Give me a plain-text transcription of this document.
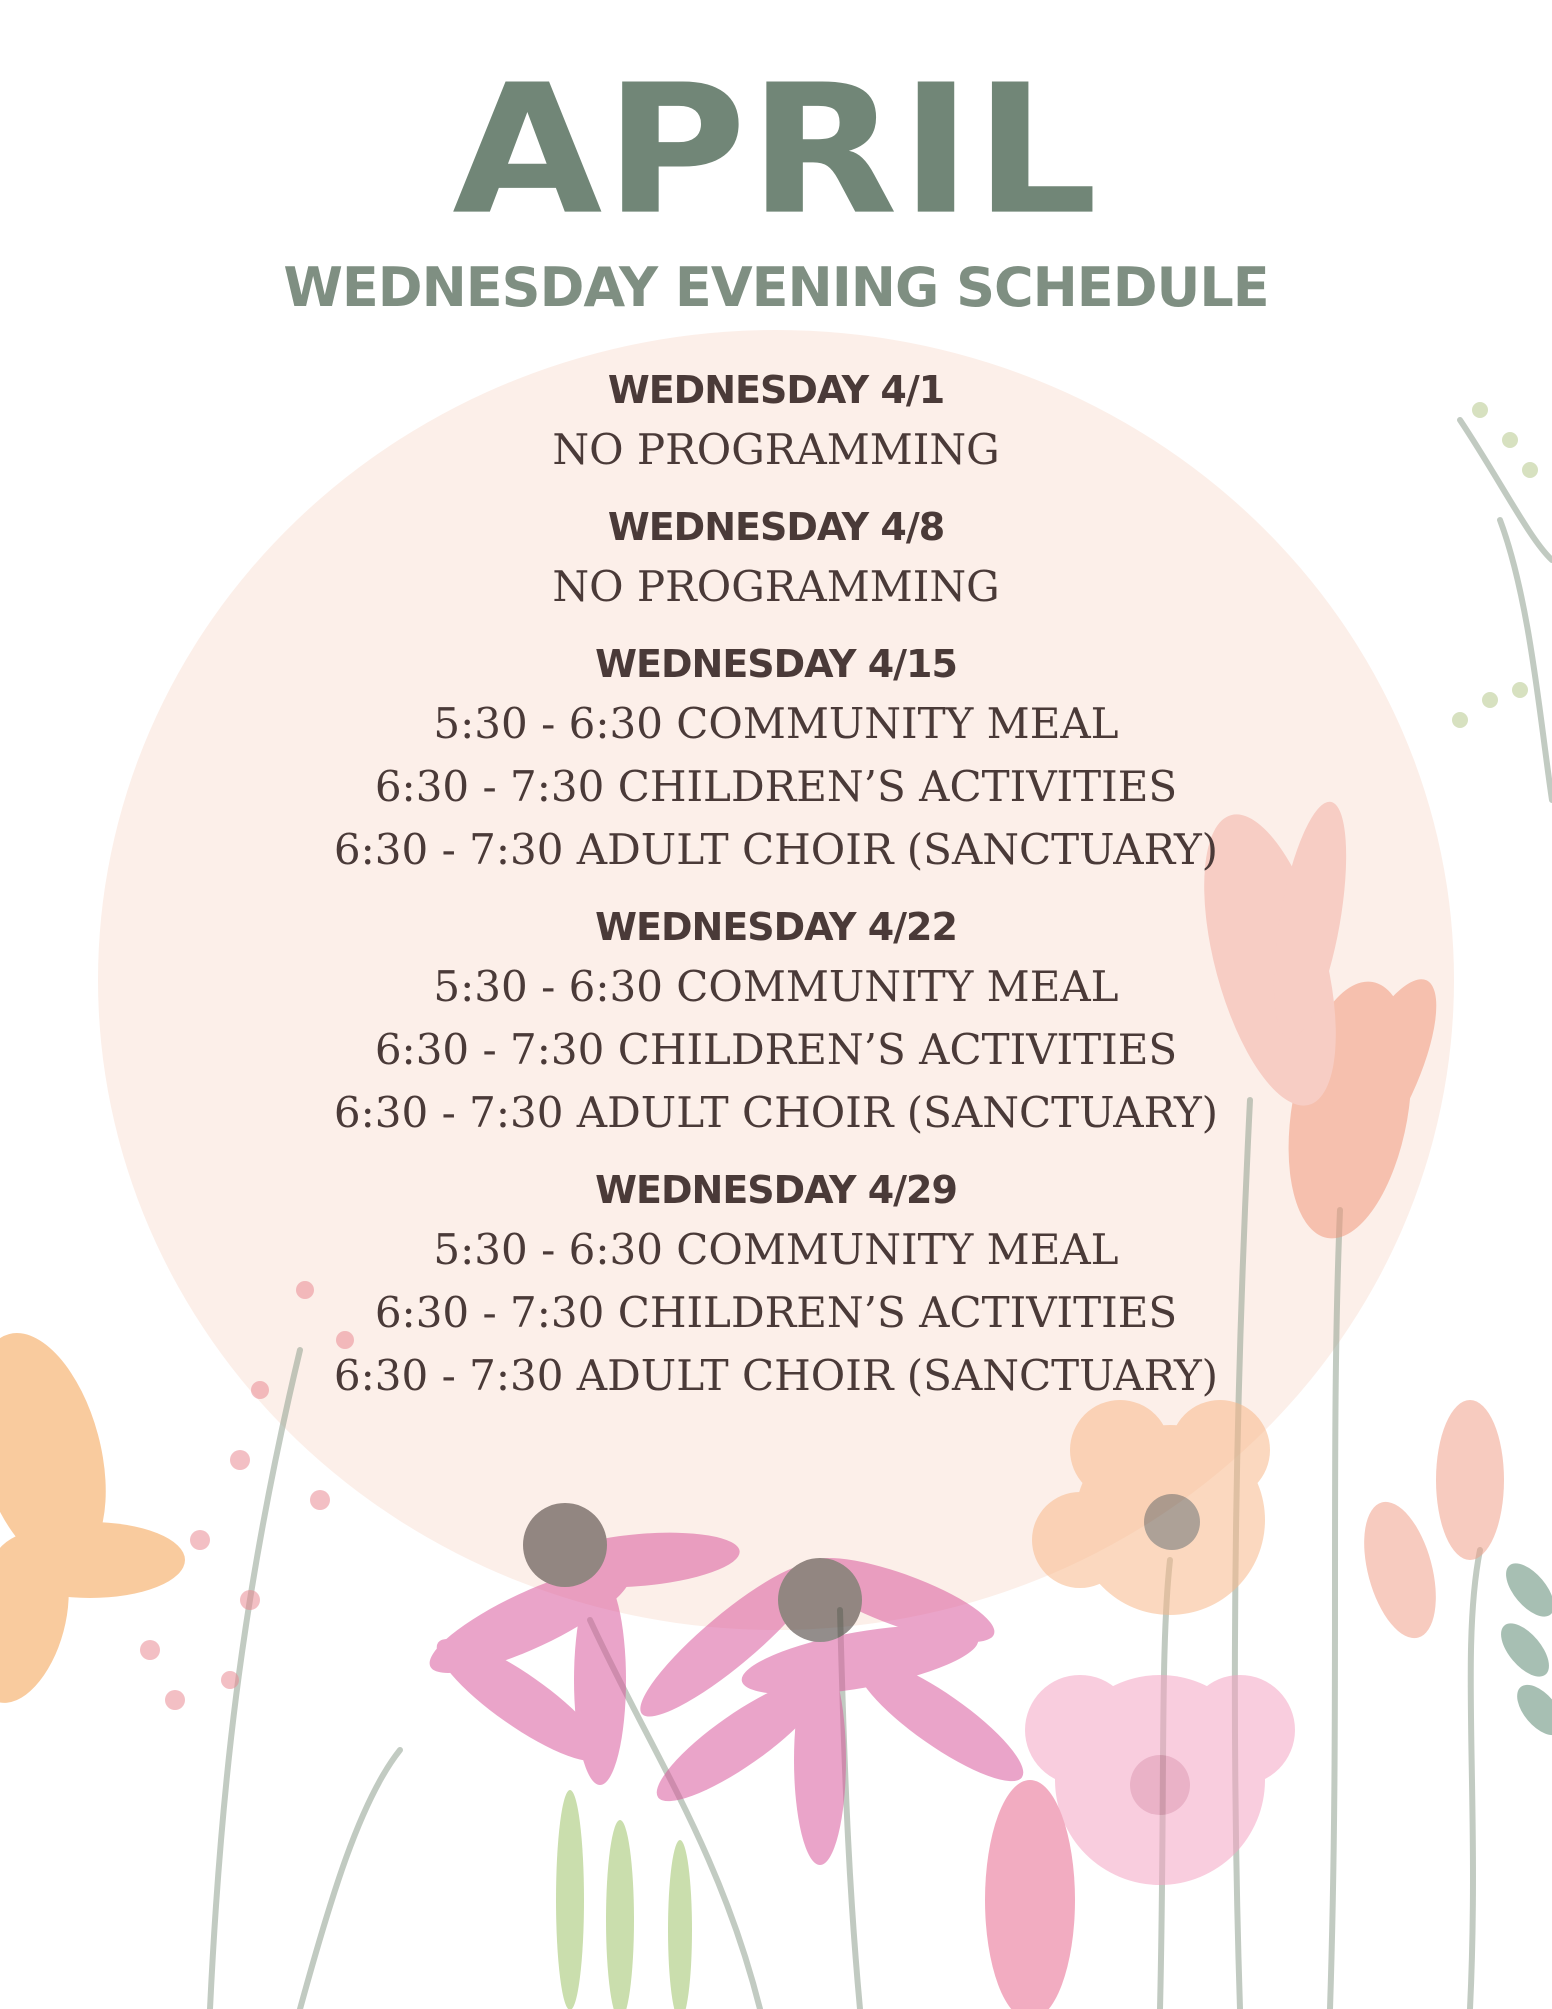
APRIL
WEDNESDAY EVENING SCHEDULE
WEDNESDAY 4/1
NO PROGRAMMING
WEDNESDAY 4/8
NO PROGRAMMING
WEDNESDAY 4/15
5:30 - 6:30 COMMUNITY MEAL
6:30 - 7:30 CHILDREN’S ACTIVITIES
6:30 - 7:30 ADULT CHOIR (SANCTUARY)
WEDNESDAY 4/22
5:30 - 6:30 COMMUNITY MEAL
6:30 - 7:30 CHILDREN’S ACTIVITIES
6:30 - 7:30 ADULT CHOIR (SANCTUARY)
WEDNESDAY 4/29
5:30 - 6:30 COMMUNITY MEAL
6:30 - 7:30 CHILDREN’S ACTIVITIES
6:30 - 7:30 ADULT CHOIR (SANCTUARY)
